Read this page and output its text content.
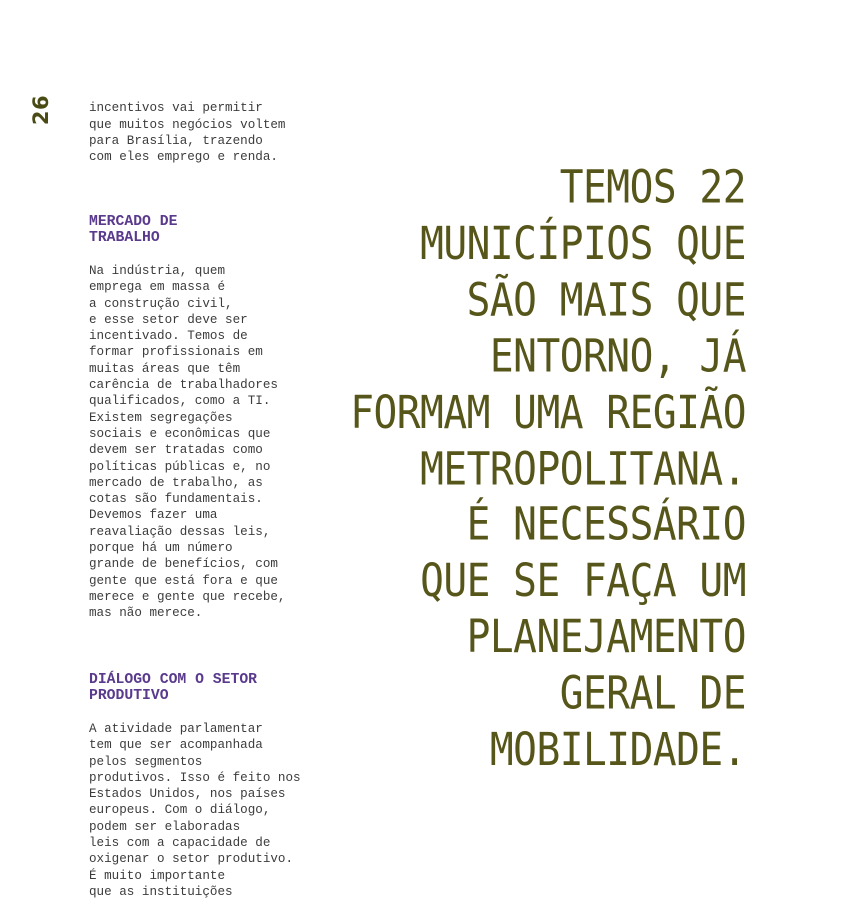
26	incentivos vai permitir
que muitos negócios voltem
para Brasília, trazendo
com eles emprego e renda.

MERCADO DE
TRABALHO

Na indústria, quem
emprega em massa é
a construção civil,
e esse setor deve ser
incentivado. Temos de
formar profissionais em
muitas áreas que têm
carência de trabalhadores
qualificados, como a TI.
Existem segregações
sociais e econômicas que
devem ser tratadas como
políticas públicas e, no
mercado de trabalho, as
cotas são fundamentais.
Devemos fazer uma
reavaliação dessas leis,
porque há um número
grande de benefícios, com
gente que está fora e que
merece e gente que recebe,
mas não merece.

DIÁLOGO COM O SETOR
PRODUTIVO

A atividade parlamentar
tem que ser acompanhada
pelos segmentos
produtivos. Isso é feito nos
Estados Unidos, nos países
europeus. Com o diálogo,
podem ser elaboradas
leis com a capacidade de
oxigenar o setor produtivo.
É muito importante
que as instituições

TEMOS 22
MUNICÍPIOS QUE
SÃO MAIS QUE
ENTORNO, JÁ
FORMAM UMA REGIÃO
METROPOLITANA.
É NECESSÁRIO
QUE SE FAÇA UM
PLANEJAMENTO
GERAL DE
MOBILIDADE.
